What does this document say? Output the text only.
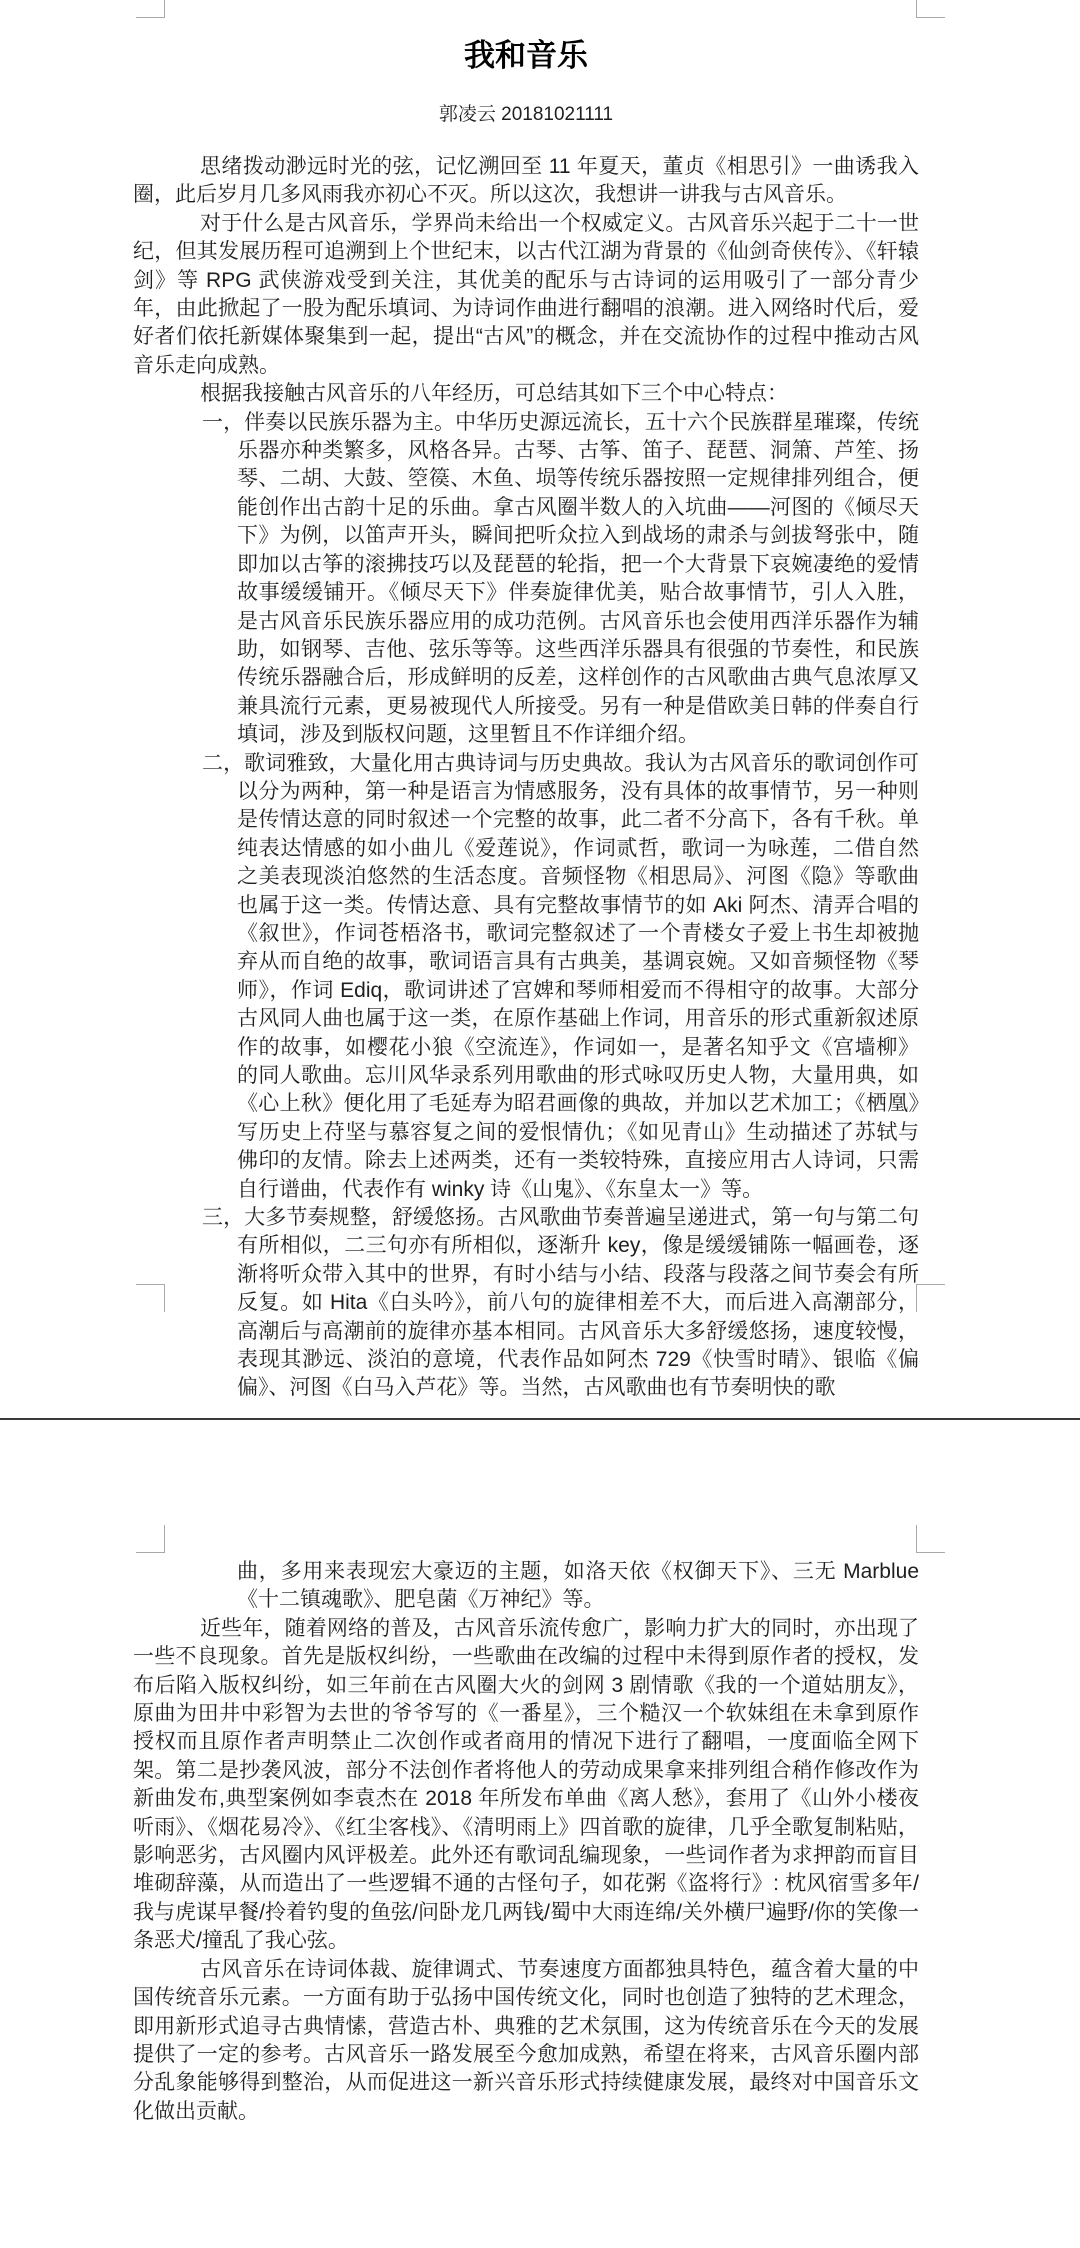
我和音乐
郭凌云 20181021111

思绪拨动渺远时光的弦，记忆溯回至 11 年夏天，董贞《相思引》一曲诱我入圈，此后岁月几多风雨我亦初心不灭。所以这次，我想讲一讲我与古风音乐。

对于什么是古风音乐，学界尚未给出一个权威定义。古风音乐兴起于二十一世纪，但其发展历程可追溯到上个世纪末，以古代江湖为背景的《仙剑奇侠传》、《轩辕剑》等 RPG 武侠游戏受到关注，其优美的配乐与古诗词的运用吸引了一部分青少年，由此掀起了一股为配乐填词、为诗词作曲进行翻唱的浪潮。进入网络时代后，爱好者们依托新媒体聚集到一起，提出“古风”的概念，并在交流协作的过程中推动古风音乐走向成熟。

根据我接触古风音乐的八年经历，可总结其如下三个中心特点：

一，伴奏以民族乐器为主。中华历史源远流长，五十六个民族群星璀璨，传统乐器亦种类繁多，风格各异。古琴、古筝、笛子、琵琶、洞箫、芦笙、扬琴、二胡、大鼓、箜篌、木鱼、埙等传统乐器按照一定规律排列组合，便能创作出古韵十足的乐曲。拿古风圈半数人的入坑曲——河图的《倾尽天下》为例，以笛声开头，瞬间把听众拉入到战场的肃杀与剑拔弩张中，随即加以古筝的滚拂技巧以及琵琶的轮指，把一个大背景下哀婉凄绝的爱情故事缓缓铺开。《倾尽天下》伴奏旋律优美，贴合故事情节，引人入胜，是古风音乐民族乐器应用的成功范例。古风音乐也会使用西洋乐器作为辅助，如钢琴、吉他、弦乐等等。这些西洋乐器具有很强的节奏性，和民族传统乐器融合后，形成鲜明的反差，这样创作的古风歌曲古典气息浓厚又兼具流行元素，更易被现代人所接受。另有一种是借欧美日韩的伴奏自行填词，涉及到版权问题，这里暂且不作详细介绍。

二，歌词雅致，大量化用古典诗词与历史典故。我认为古风音乐的歌词创作可以分为两种，第一种是语言为情感服务，没有具体的故事情节，另一种则是传情达意的同时叙述一个完整的故事，此二者不分高下，各有千秋。单纯表达情感的如小曲儿《爱莲说》，作词贰哲，歌词一为咏莲，二借自然之美表现淡泊悠然的生活态度。音频怪物《相思局》、河图《隐》等歌曲也属于这一类。传情达意、具有完整故事情节的如 Aki 阿杰、清弄合唱的《叙世》，作词苍梧洛书，歌词完整叙述了一个青楼女子爱上书生却被抛弃从而自绝的故事，歌词语言具有古典美，基调哀婉。又如音频怪物《琴师》，作词 Ediq，歌词讲述了宫婢和琴师相爱而不得相守的故事。大部分古风同人曲也属于这一类，在原作基础上作词，用音乐的形式重新叙述原作的故事，如樱花小狼《空流连》，作词如一，是著名知乎文《宫墙柳》的同人歌曲。忘川风华录系列用歌曲的形式咏叹历史人物，大量用典，如《心上秋》便化用了毛延寿为昭君画像的典故，并加以艺术加工；《栖凰》写历史上苻坚与慕容复之间的爱恨情仇；《如见青山》生动描述了苏轼与佛印的友情。除去上述两类，还有一类较特殊，直接应用古人诗词，只需自行谱曲，代表作有 winky 诗《山鬼》、《东皇太一》等。

三，大多节奏规整，舒缓悠扬。古风歌曲节奏普遍呈递进式，第一句与第二句有所相似，二三句亦有所相似，逐渐升 key，像是缓缓铺陈一幅画卷，逐渐将听众带入其中的世界，有时小结与小结、段落与段落之间节奏会有所反复。如 Hita《白头吟》，前八句的旋律相差不大，而后进入高潮部分，高潮后与高潮前的旋律亦基本相同。古风音乐大多舒缓悠扬，速度较慢，表现其渺远、淡泊的意境，代表作品如阿杰 729《快雪时晴》、银临《偏偏》、河图《白马入芦花》等。当然，古风歌曲也有节奏明快的歌

曲，多用来表现宏大豪迈的主题，如洛天依《权御天下》、三无 Marblue《十二镇魂歌》、肥皂菌《万神纪》等。

近些年，随着网络的普及，古风音乐流传愈广，影响力扩大的同时，亦出现了一些不良现象。首先是版权纠纷，一些歌曲在改编的过程中未得到原作者的授权，发布后陷入版权纠纷，如三年前在古风圈大火的剑网 3 剧情歌《我的一个道姑朋友》，原曲为田井中彩智为去世的爷爷写的《一番星》，三个糙汉一个软妹组在未拿到原作授权而且原作者声明禁止二次创作或者商用的情况下进行了翻唱，一度面临全网下架。第二是抄袭风波，部分不法创作者将他人的劳动成果拿来排列组合稍作修改作为新曲发布,典型案例如李袁杰在 2018 年所发布单曲《离人愁》，套用了《山外小楼夜听雨》、《烟花易冷》、《红尘客栈》、《清明雨上》四首歌的旋律，几乎全歌复制粘贴，影响恶劣，古风圈内风评极差。此外还有歌词乱编现象，一些词作者为求押韵而盲目堆砌辞藻，从而造出了一些逻辑不通的古怪句子，如花粥《盗将行》: 枕风宿雪多年/我与虎谋早餐/拎着钓叟的鱼弦/问卧龙几两钱/蜀中大雨连绵/关外横尸遍野/你的笑像一条恶犬/撞乱了我心弦。

古风音乐在诗词体裁、旋律调式、节奏速度方面都独具特色，蕴含着大量的中国传统音乐元素。一方面有助于弘扬中国传统文化，同时也创造了独特的艺术理念，即用新形式追寻古典情愫，营造古朴、典雅的艺术氛围，这为传统音乐在今天的发展提供了一定的参考。古风音乐一路发展至今愈加成熟，希望在将来，古风音乐圈内部分乱象能够得到整治，从而促进这一新兴音乐形式持续健康发展，最终对中国音乐文化做出贡献。
